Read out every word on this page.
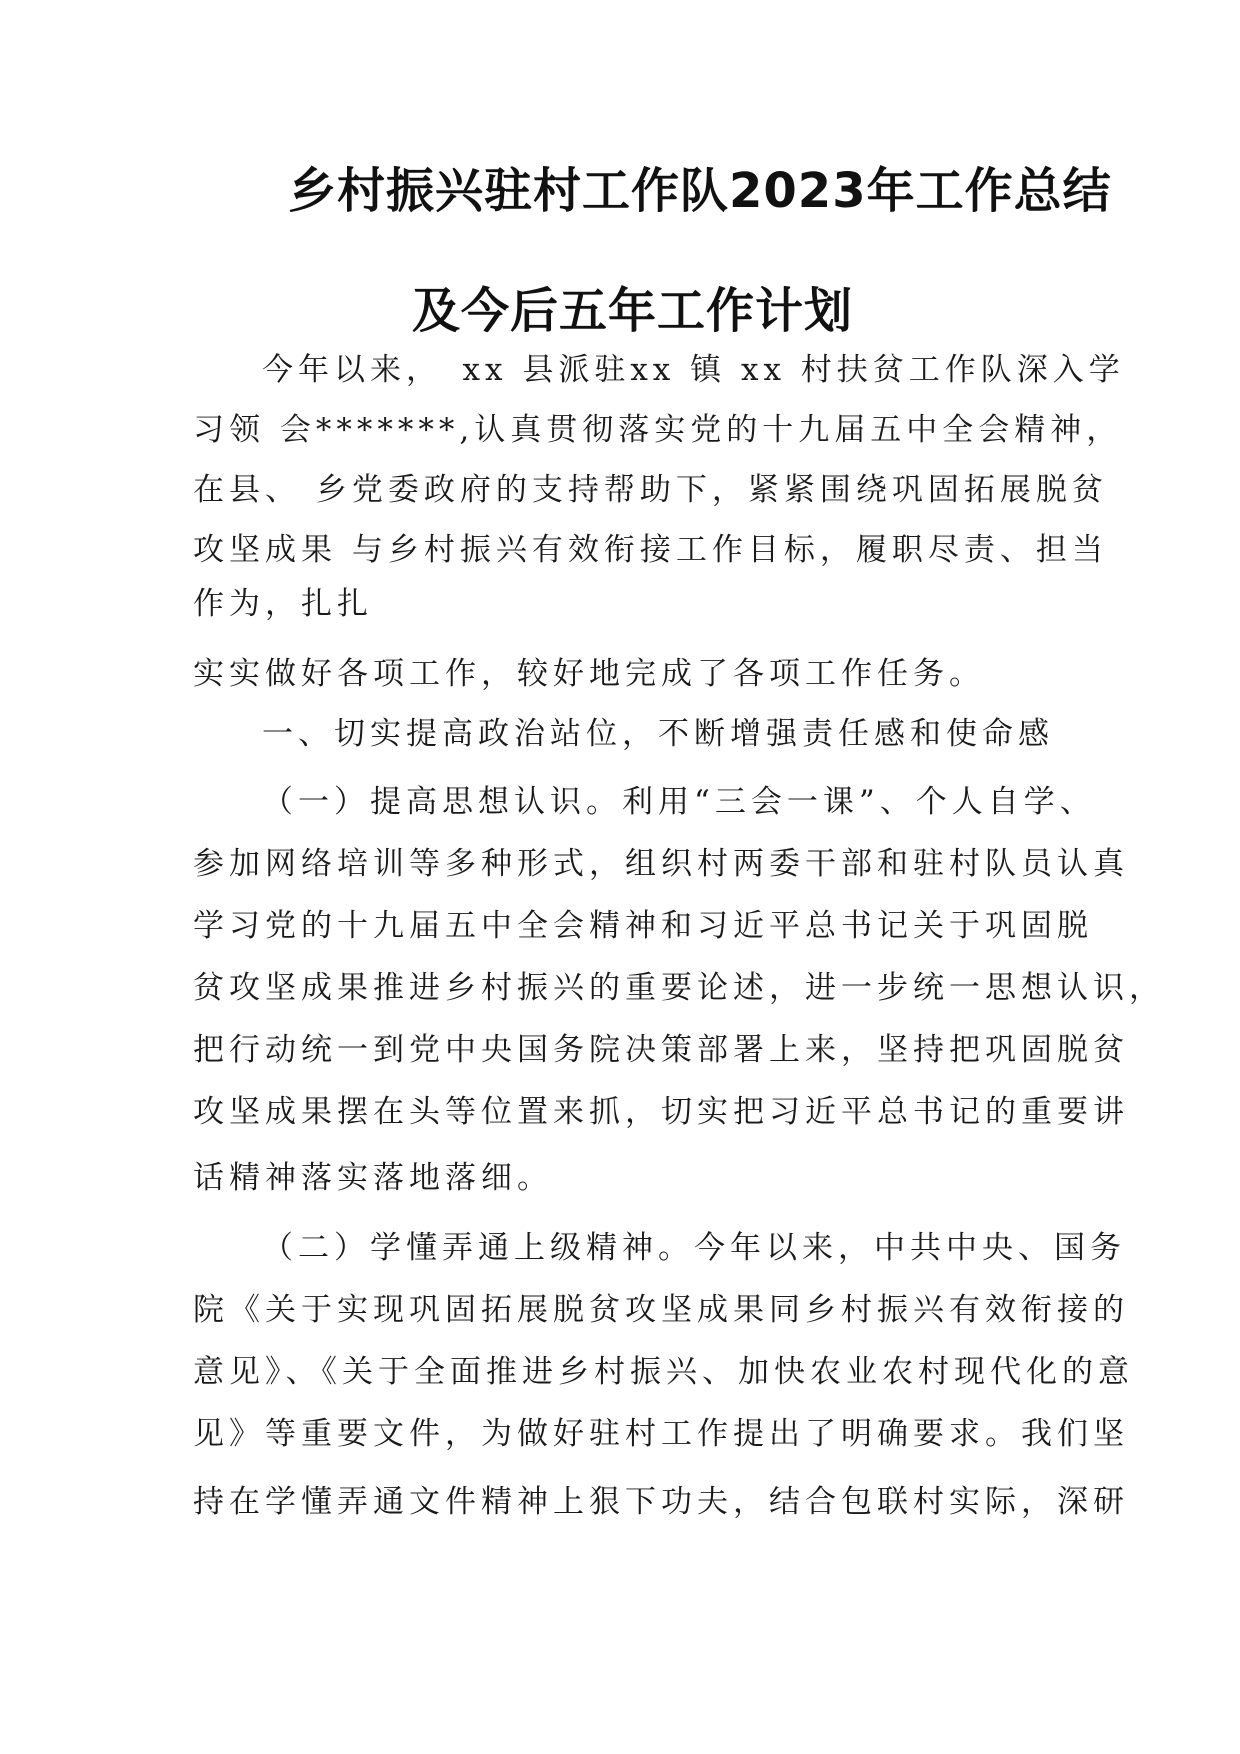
乡村振兴驻村工作队2023年工作总结
及今后五年工作计划
今年以来，　xx 县派驻xx 镇 xx 村扶贫工作队深入学
习领 会*******,认真贯彻落实党的十九届五中全会精神，
在县、 乡党委政府的支持帮助下，紧紧围绕巩固拓展脱贫
攻坚成果 与乡村振兴有效衔接工作目标，履职尽责、担当
作为，扎扎
实实做好各项工作，较好地完成了各项工作任务。
一、切实提高政治站位，不断增强责任感和使命感
（一）提高思想认识。利用“三会一课”、个人自学、
参加网络培训等多种形式，组织村两委干部和驻村队员认真
学习党的十九届五中全会精神和习近平总书记关于巩固脱
贫攻坚成果推进乡村振兴的重要论述，进一步统一思想认识，
把行动统一到党中央国务院决策部署上来，坚持把巩固脱贫
攻坚成果摆在头等位置来抓，切实把习近平总书记的重要讲
话精神落实落地落细。
（二）学懂弄通上级精神。今年以来，中共中央、国务
院《关于实现巩固拓展脱贫攻坚成果同乡村振兴有效衔接的
意见》、《关于全面推进乡村振兴、加快农业农村现代化的意
见》等重要文件，为做好驻村工作提出了明确要求。我们坚
持在学懂弄通文件精神上狠下功夫，结合包联村实际，深研
